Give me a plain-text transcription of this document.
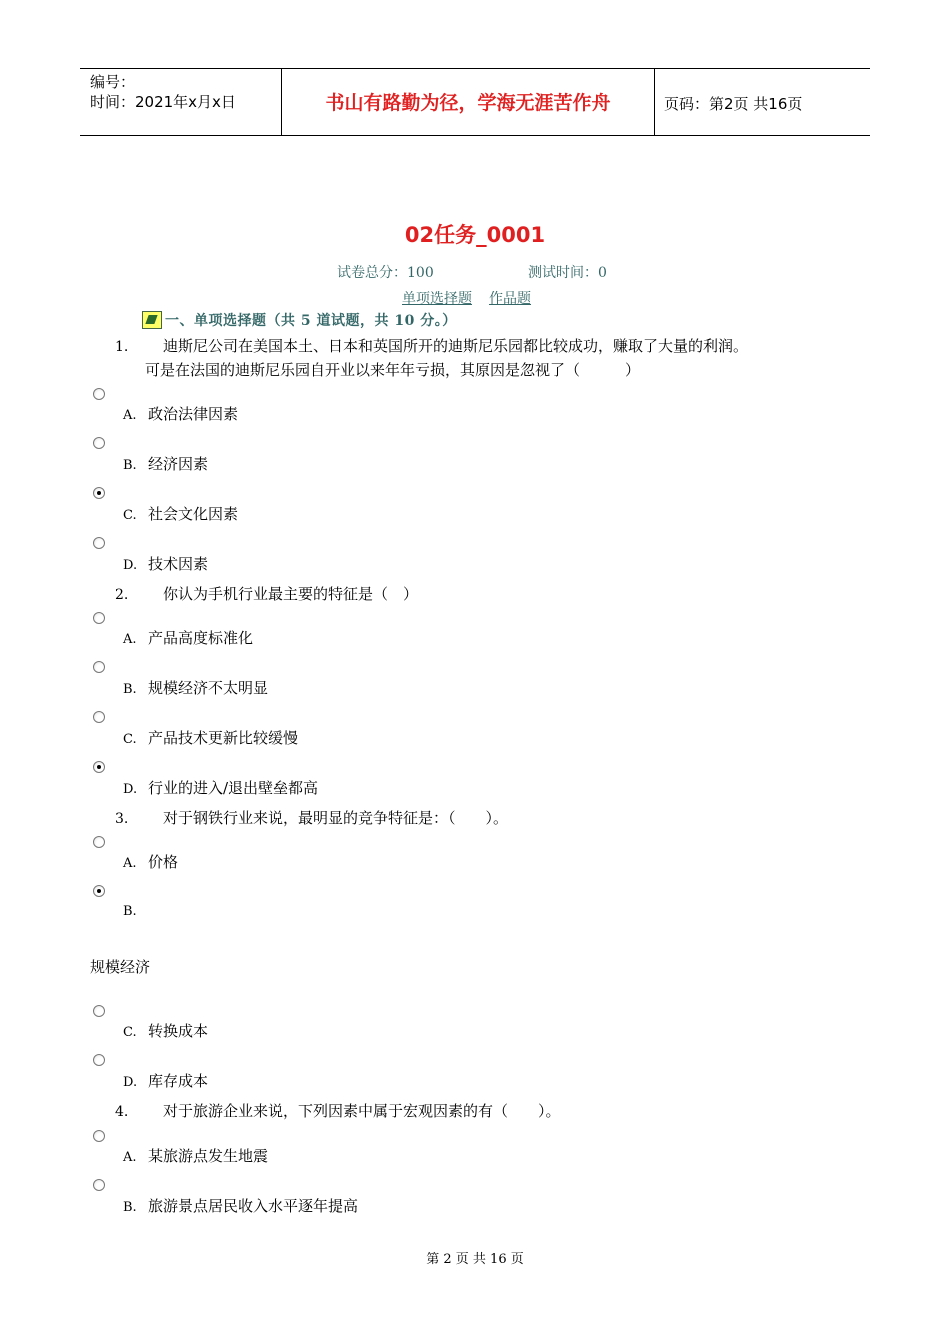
编号：
时间：2021年x月x日	书山有路勤为径，学海无涯苦作舟	页码：第2页 共16页
02任务_0001
试卷总分：100	测试时间：0
单项选择题 作品题
一、单项选择题（共 5 道试题，共 10 分。）
1. 迪斯尼公司在美国本土、日本和英国所开的迪斯尼乐园都比较成功，赚取了大量的利润。
可是在法国的迪斯尼乐园自开业以来年年亏损，其原因是忽视了（　　　）
A. 政治法律因素
B. 经济因素
C. 社会文化因素
D. 技术因素
2. 你认为手机行业最主要的特征是（　）
A. 产品高度标准化
B. 规模经济不太明显
C. 产品技术更新比较缓慢
D. 行业的进入/退出壁垒都高
3. 对于钢铁行业来说，最明显的竞争特征是：（　　）。
A. 价格
B.
规模经济
C. 转换成本
D. 库存成本
4. 对于旅游企业来说，下列因素中属于宏观因素的有（　　）。
A. 某旅游点发生地震
B. 旅游景点居民收入水平逐年提高
第 2 页 共 16 页
